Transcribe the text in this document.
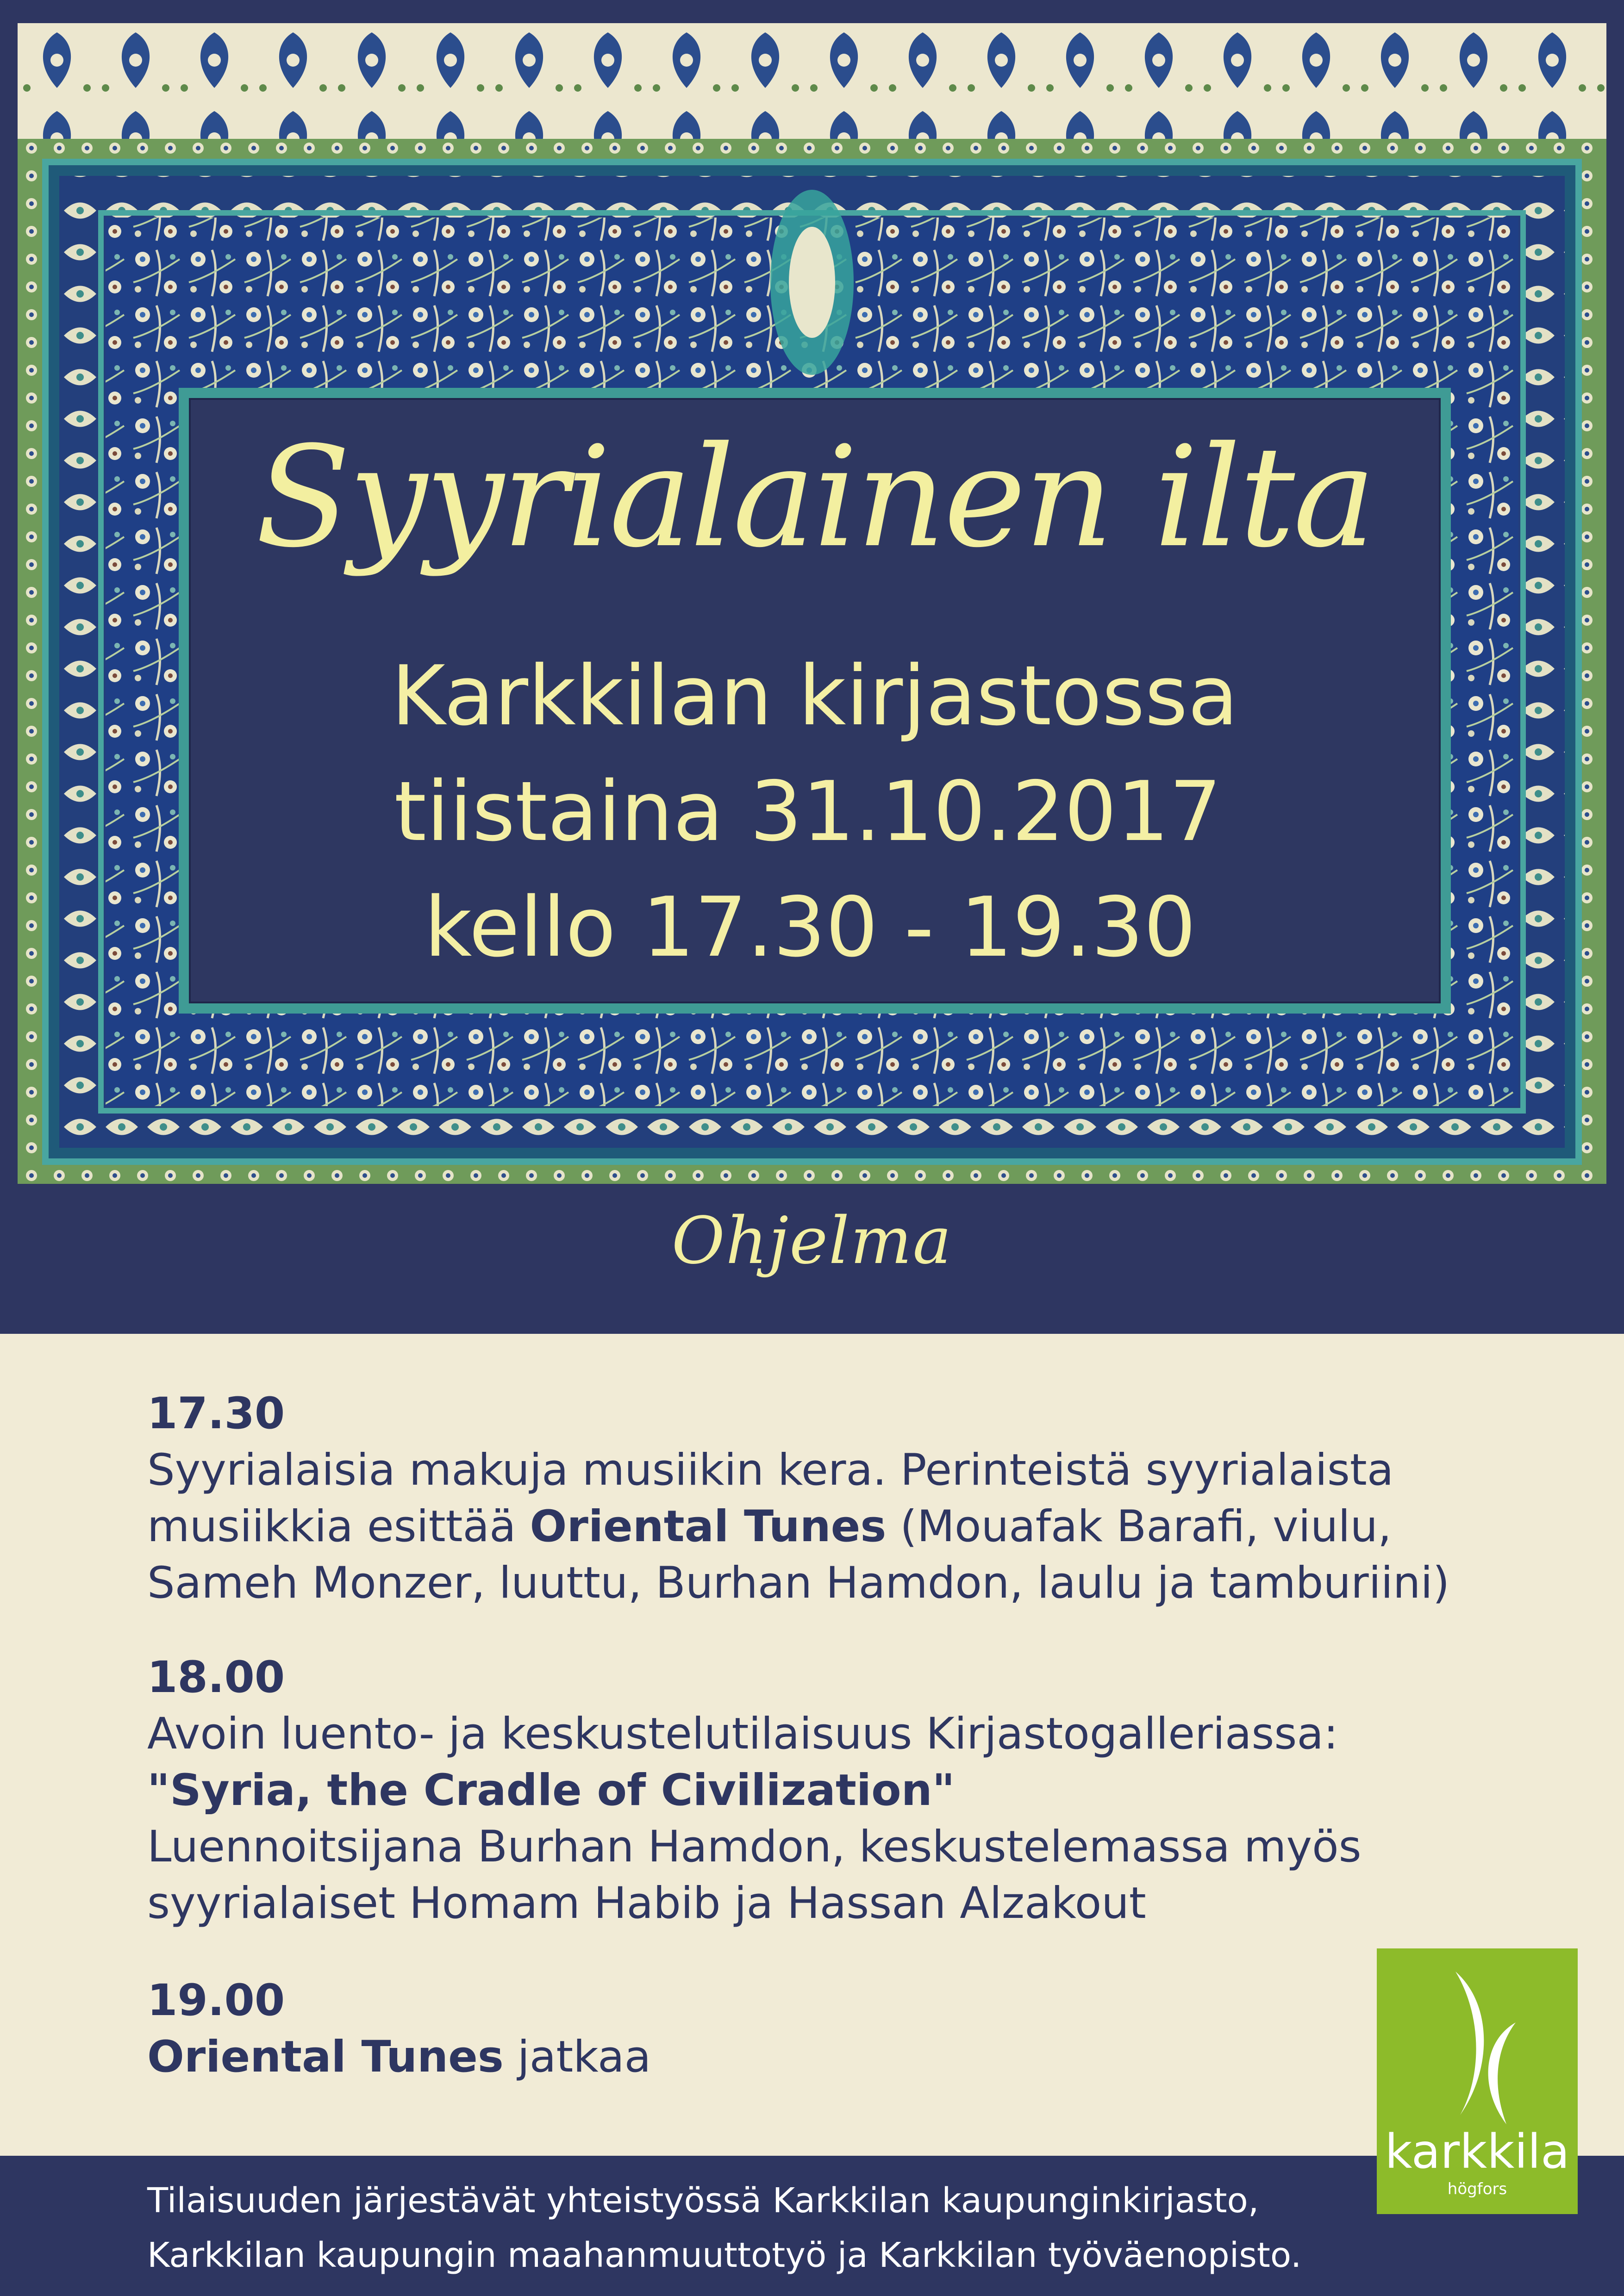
Syyrialainen ilta
Karkkilan kirjastossa
tiistaina 31.10.2017
kello 17.30 - 19.30
Ohjelma
17.30
Syyrialaisia makuja musiikin kera. Perinteistä syyrialaista
musiikkia esittää Oriental Tunes (Mouafak Barafi, viulu,
Sameh Monzer, luuttu, Burhan Hamdon, laulu ja tamburiini)
18.00
Avoin luento- ja keskustelutilaisuus Kirjastogalleriassa:
"Syria, the Cradle of Civilization"
Luennoitsijana Burhan Hamdon, keskustelemassa myös
syyrialaiset Homam Habib ja Hassan Alzakout
19.00
Oriental Tunes jatkaa
karkkila
högfors
Tilaisuuden järjestävät yhteistyössä Karkkilan kaupunginkirjasto,
Karkkilan kaupungin maahanmuuttotyö ja Karkkilan työväenopisto.
